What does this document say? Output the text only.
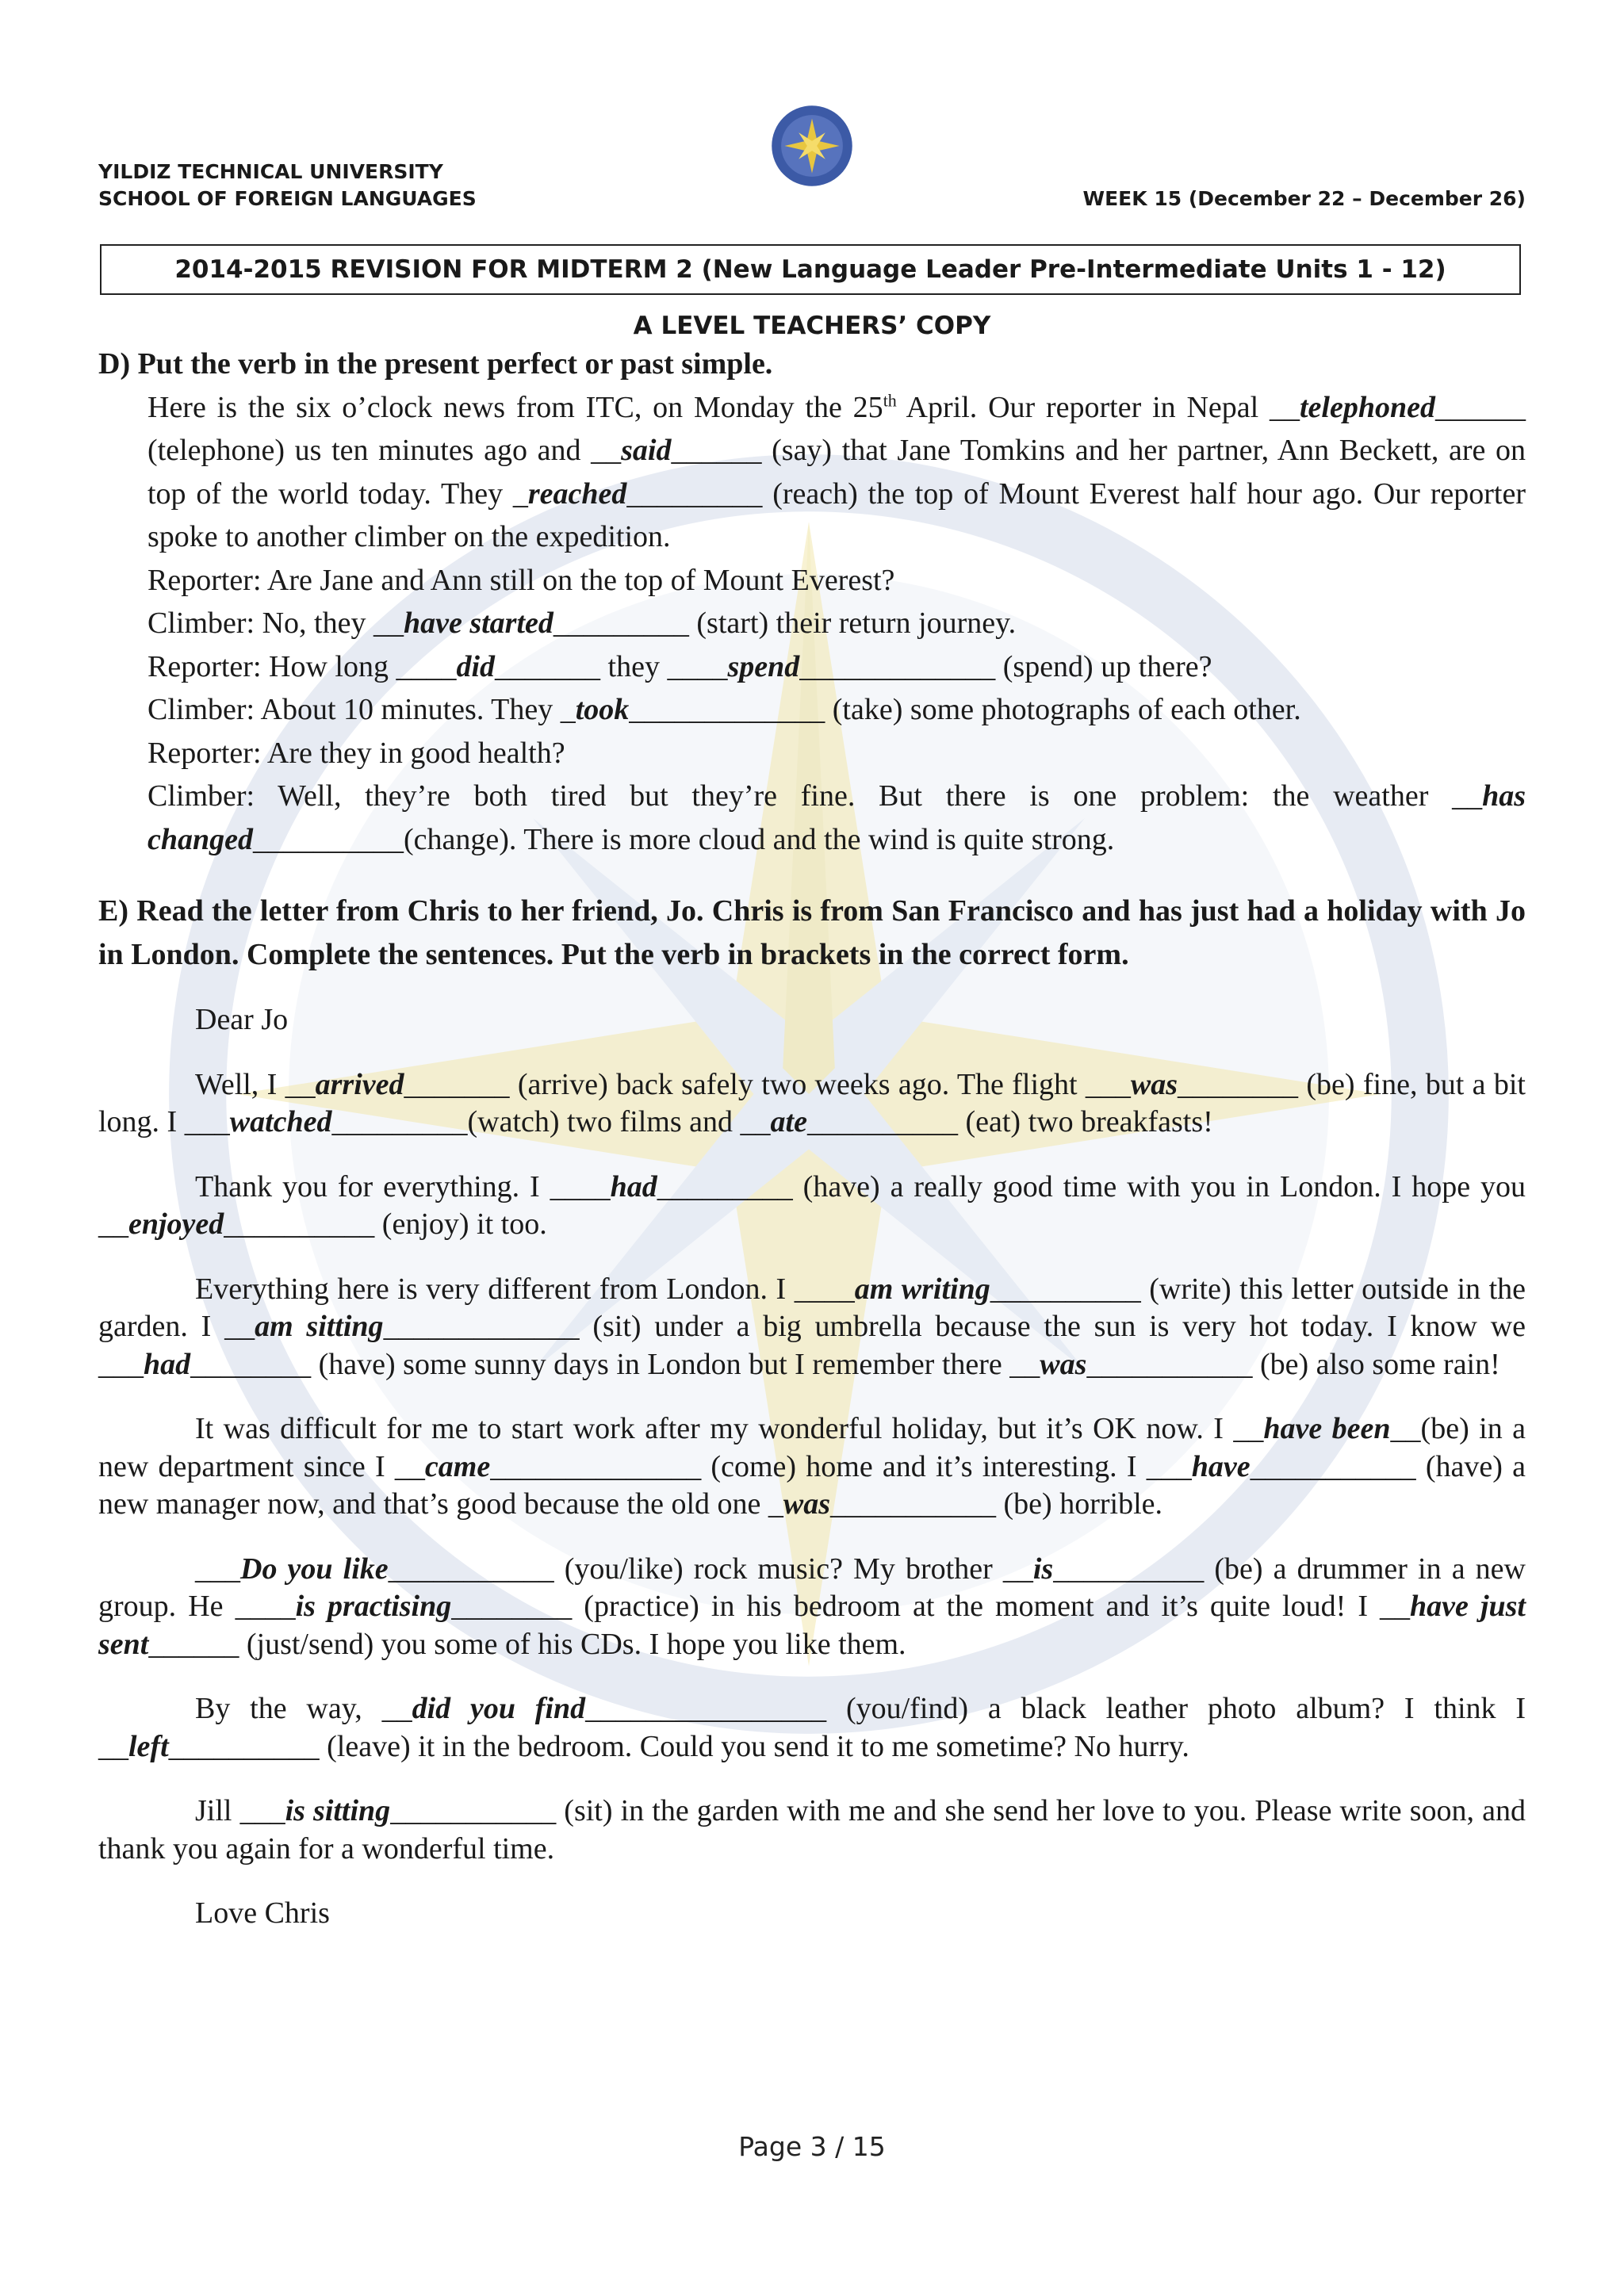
YILDIZ TECHNICAL UNIVERSITY
SCHOOL OF FOREIGN LANGUAGES	WEEK 15 (December 22 – December 26)
2014-2015 REVISION FOR MIDTERM 2 (New Language Leader Pre-Intermediate Units 1 - 12)
A LEVEL TEACHERS’ COPY

D) Put the verb in the present perfect or past simple.

Here is the six o’clock news from ITC, on Monday the 25th April. Our reporter in Nepal __telephoned______ (telephone) us ten minutes ago and __said______ (say) that Jane Tomkins and her partner, Ann Beckett, are on top of the world today. They _reached_________ (reach) the top of Mount Everest half hour ago. Our reporter spoke to another climber on the expedition.

Reporter: Are Jane and Ann still on the top of Mount Everest?

Climber: No, they __have started_________ (start) their return journey.

Reporter: How long ____did_______ they ____spend_____________ (spend) up there?

Climber: About 10 minutes. They _took_____________ (take) some photographs of each other.

Reporter: Are they in good health?

Climber: Well, they’re both tired but they’re fine. But there is one problem: the weather __has changed__________(change). There is more cloud and the wind is quite strong.

E) Read the letter from Chris to her friend, Jo. Chris is from San Francisco and has just had a holiday with Jo in London. Complete the sentences. Put the verb in brackets in the correct form.

Dear Jo

Well, I __arrived_______ (arrive) back safely two weeks ago. The flight ___was________ (be) fine, but a bit long. I ___watched_________(watch) two films and __ate__________ (eat) two breakfasts!

Thank you for everything. I ____had_________ (have) a really good time with you in London. I hope you __enjoyed__________ (enjoy) it too.

Everything here is very different from London. I ____am writing__________ (write) this letter outside in the garden. I __am sitting_____________ (sit) under a big umbrella because the sun is very hot today. I know we ___had________ (have) some sunny days in London but I remember there __was___________ (be) also some rain!

It was difficult for me to start work after my wonderful holiday, but it’s OK now. I __have been__(be) in a new department since I __came______________ (come) home and it’s interesting. I ___have___________ (have) a new manager now, and that’s good because the old one _was___________ (be) horrible.

___Do you like___________ (you/like) rock music? My brother __is__________ (be) a drummer in a new group. He ____is practising________ (practice) in his bedroom at the moment and it’s quite loud! I __have just sent______ (just/send) you some of his CDs. I hope you like them.

By the way, __did you find________________ (you/find) a black leather photo album? I think I __left__________ (leave) it in the bedroom. Could you send it to me sometime? No hurry.

Jill ___is sitting___________ (sit) in the garden with me and she send her love to you. Please write soon, and thank you again for a wonderful time.

Love Chris

Page 3 / 15
